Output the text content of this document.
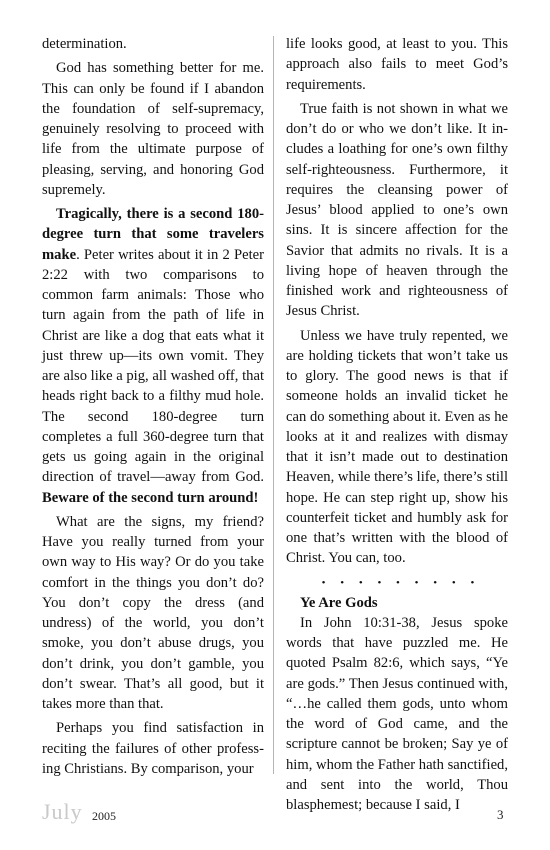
determination.

God has something better for me. This can only be found if I abandon the foundation of self-supremacy, genuinely resolving to proceed with life from the ultimate purpose of pleasing, serving, and honoring God supremely.

Tragically, there is a second 180-degree turn that some travelers make. Peter writes about it in 2 Peter 2:22 with two comparisons to common farm animals: Those who turn again from the path of life in Christ are like a dog that eats what it just threw up—its own vomit. They are also like a pig, all washed off, that heads right back to a filthy mud hole. The second 180-degree turn completes a full 360-degree turn that gets us going again in the original direction of travel—away from God. Beware of the second turn around!

What are the signs, my friend? Have you really turned from your own way to His way? Or do you take comfort in the things you don’t do? You don’t copy the dress (and undress) of the world, you don’t smoke, you don’t abuse drugs, you don’t drink, you don’t gamble, you don’t swear. That’s all good, but it takes more than that.

Perhaps you find satisfaction in reciting the failures of other professing Christians. By comparison, your

life looks good, at least to you. This approach also fails to meet God’s requirements.

True faith is not shown in what we don’t do or who we don’t like. It includes a loathing for one’s own filthy self-righteousness. Furthermore, it requires the cleansing power of Jesus’ blood applied to one’s own sins. It is sincere affection for the Savior that admits no rivals. It is a living hope of heaven through the finished work and righteousness of Jesus Christ.

Unless we have truly repented, we are holding tickets that won’t take us to glory. The good news is that if someone holds an invalid ticket he can do something about it. Even as he looks at it and realizes with dismay that it isn’t made out to destination Heaven, while there’s life, there’s still hope. He can step right up, show his counterfeit ticket and humbly ask for one that’s written with the blood of Christ. You can, too.

• • • • • • • • •
Ye Are Gods

In John 10:31-38, Jesus spoke words that have puzzled me. He quoted Psalm 82:6, which says, “Ye are gods.” Then Jesus continued with, “…he called them gods, unto whom the word of God came, and the scripture cannot be broken; Say ye of him, whom the Father hath sanctified, and sent into the world, Thou blasphemest; because I said, I

July 2005	3
